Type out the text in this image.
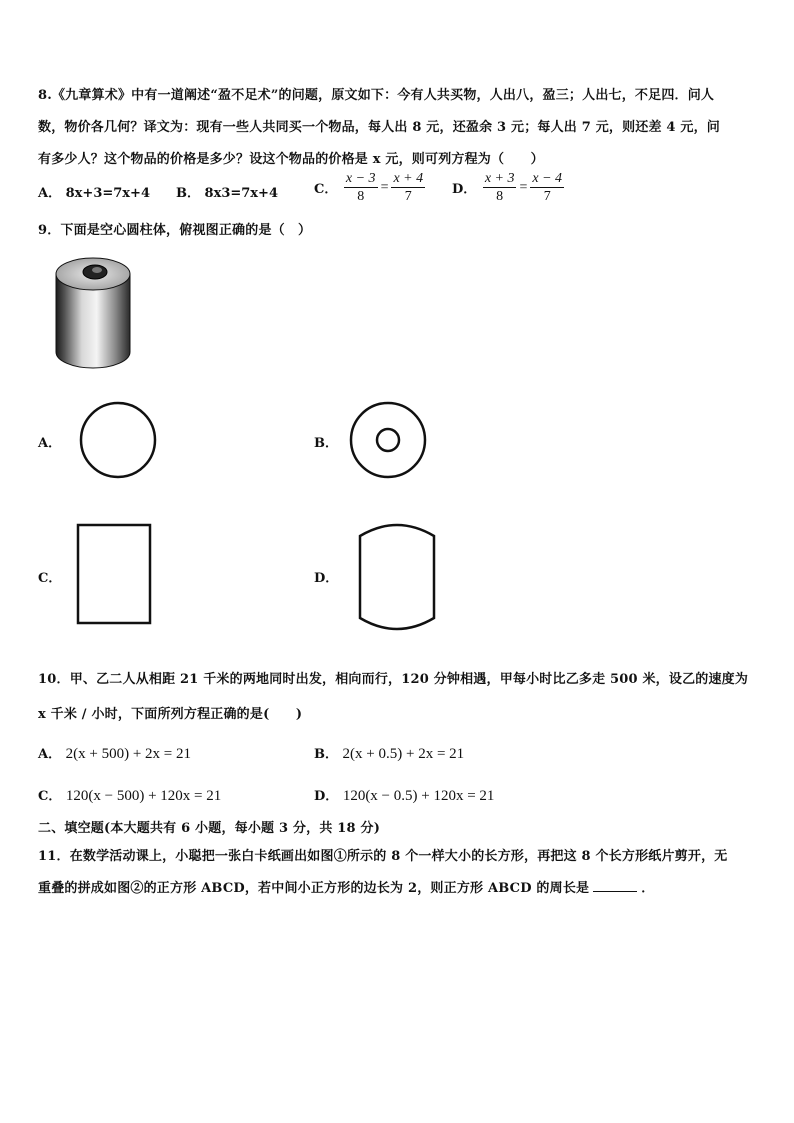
8.《九章算术》中有一道阐述“盈不足术”的问题，原文如下：今有人共买物，人出八，盈三；人出七，不足四．问人
数，物价各几何？译文为：现有一些人共同买一个物品，每人出 8 元，还盈余 3 元；每人出 7 元，则还差 4 元，问
有多少人？这个物品的价格是多少？设这个物品的价格是 x 元，则可列方程为（　　）
A． 8x+3=7x+4 B． 8x3=7x+4	C． $\frac{x - 3}{8} = \frac{x + 4}{7}$ D． $\frac{x + 3}{8} = \frac{x - 4}{7}$
9．下面是空心圆柱体，俯视图正确的是（　）
A．	B．
C．	D．
10．甲、乙二人从相距 21 千米的两地同时出发，相向而行，120 分钟相遇，甲每小时比乙多走 500 米，设乙的速度为
x 千米 / 小时，下面所列方程正确的是(　　)
A． 2(x + 500) + 2x = 21	B． 2(x + 0.5) + 2x = 21
C． 120(x − 500) + 120x = 21	D． 120(x − 0.5) + 120x = 21
二、填空题(本大题共有 6 小题，每小题 3 分，共 18 分)
11．在数学活动课上，小聪把一张白卡纸画出如图①所示的 8 个一样大小的长方形，再把这 8 个长方形纸片剪开，无
重叠的拼成如图②的正方形 ABCD，若中间小正方形的边长为 2，则正方形 ABCD 的周长是	．
